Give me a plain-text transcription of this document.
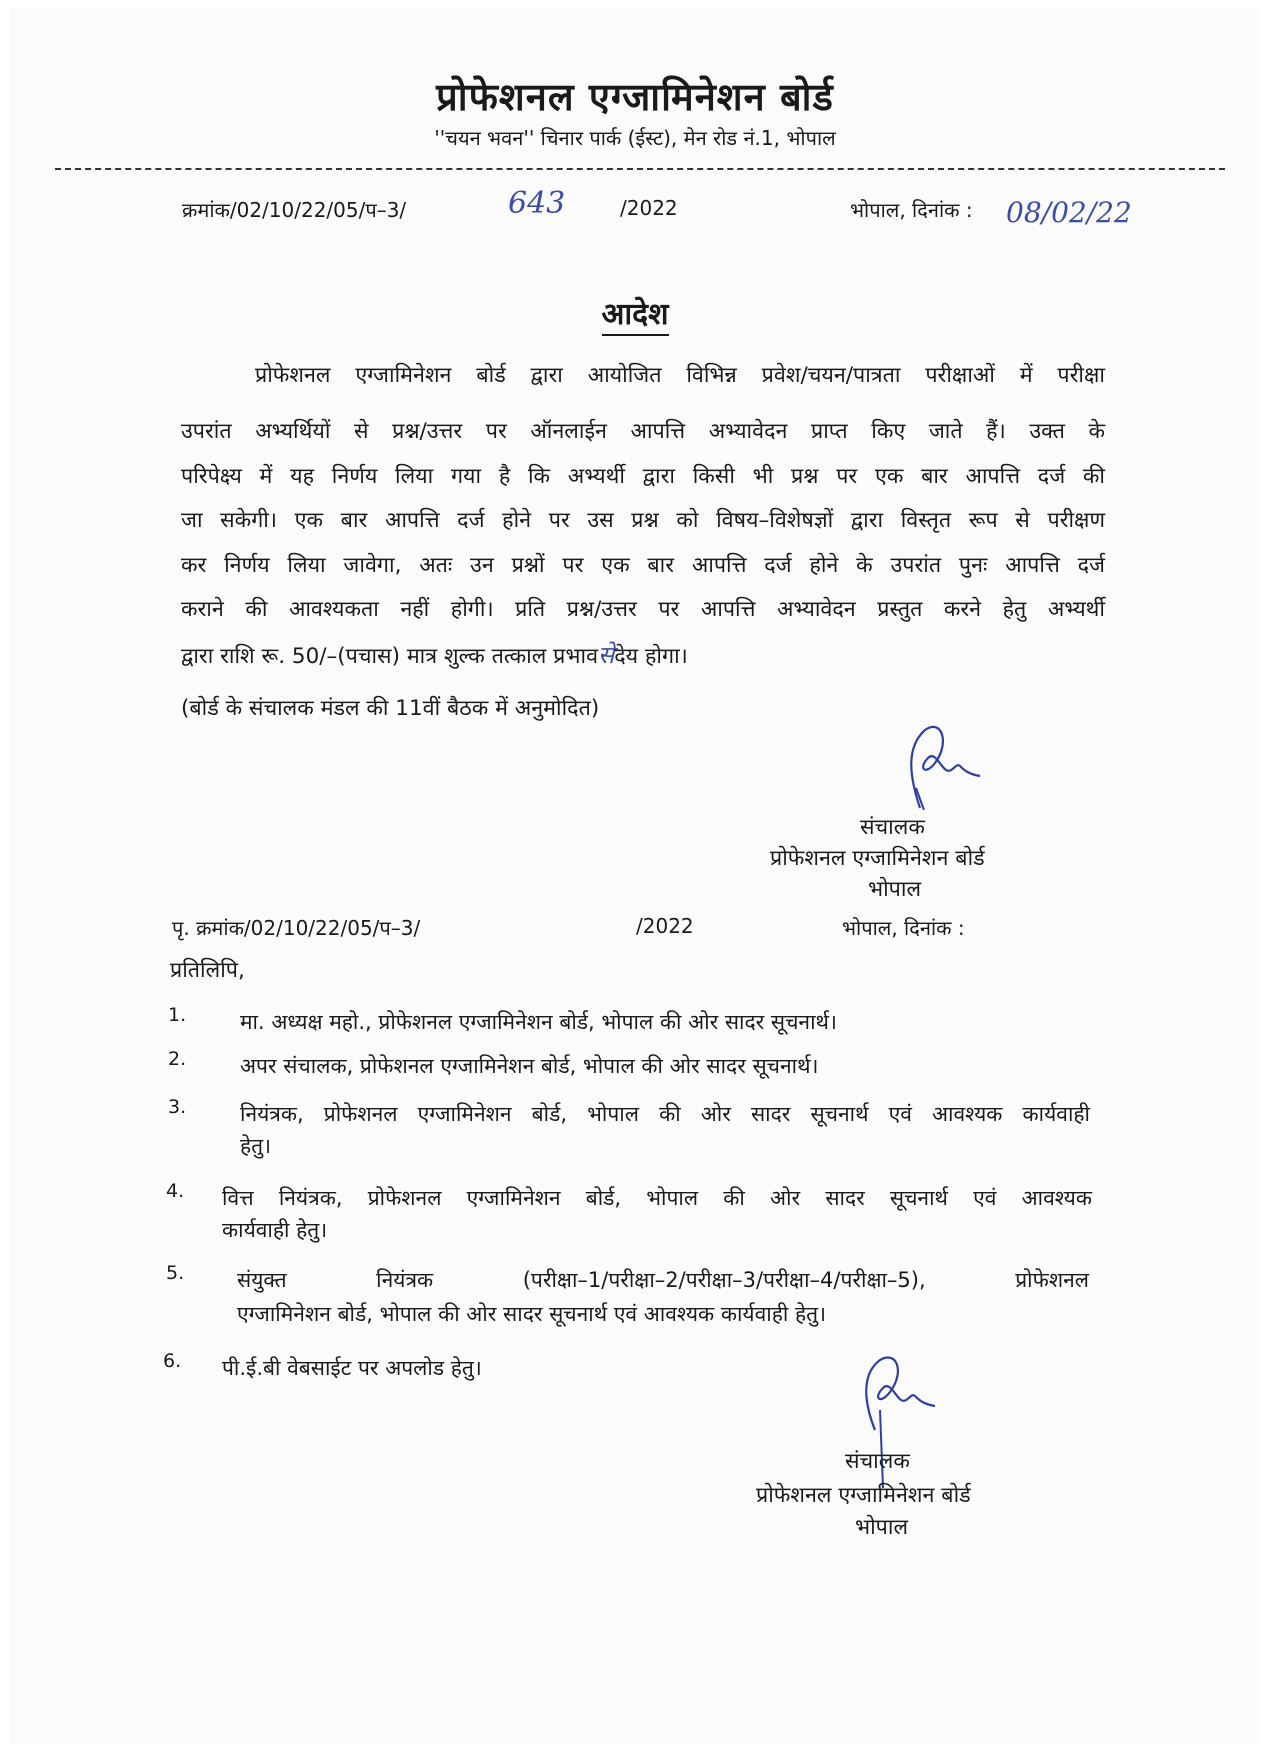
प्रोफेशनल एग्जामिनेशन बोर्ड
''चयन भवन'' चिनार पार्क (ईस्ट), मेन रोड नं.1, भोपाल
क्रमांक/02/10/22/05/प–3/	643	/2022	भोपाल, दिनांक : 08/02/22
आदेश
प्रोफेशनल एग्जामिनेशन बोर्ड द्वारा आयोजित विभिन्न प्रवेश/चयन/पात्रता परीक्षाओं में परीक्षा
उपरांत अभ्यर्थियों से प्रश्न/उत्तर पर ऑनलाईन आपत्ति अभ्यावेदन प्राप्त किए जाते हैं। उक्त के
परिपेक्ष्य में यह निर्णय लिया गया है कि अभ्यर्थी द्वारा किसी भी प्रश्न पर एक बार आपत्ति दर्ज की
जा सकेगी। एक बार आपत्ति दर्ज होने पर उस प्रश्न को विषय–विशेषज्ञों द्वारा विस्तृत रूप से परीक्षण
कर निर्णय लिया जावेगा, अतः उन प्रश्नों पर एक बार आपत्ति दर्ज होने के उपरांत पुनः आपत्ति दर्ज
कराने की आवश्यकता नहीं होगी। प्रति प्रश्न/उत्तर पर आपत्ति अभ्यावेदन प्रस्तुत करने हेतु अभ्यर्थी
द्वारा राशि रू. 50/–(पचास) मात्र शुल्क तत्काल प्रभावसेदेय होगा।
(बोर्ड के संचालक मंडल की 11वीं बैठक में अनुमोदित)
संचालक
प्रोफेशनल एग्जामिनेशन बोर्ड
भोपाल
पृ. क्रमांक/02/10/22/05/प–3/	/2022	भोपाल, दिनांक :
प्रतिलिपि,
1.	मा. अध्यक्ष महो., प्रोफेशनल एग्जामिनेशन बोर्ड, भोपाल की ओर सादर सूचनार्थ।
2.	अपर संचालक, प्रोफेशनल एग्जामिनेशन बोर्ड, भोपाल की ओर सादर सूचनार्थ।
3.	नियंत्रक, प्रोफेशनल एग्जामिनेशन बोर्ड, भोपाल की ओर सादर सूचनार्थ एवं आवश्यक कार्यवाही
हेतु।
4. वित्त नियंत्रक, प्रोफेशनल एग्जामिनेशन बोर्ड, भोपाल की ओर सादर सूचनार्थ एवं आवश्यक
कार्यवाही हेतु।
5.	संयुक्त नियंत्रक (परीक्षा–1/परीक्षा–2/परीक्षा–3/परीक्षा–4/परीक्षा–5), प्रोफेशनल
एग्जामिनेशन बोर्ड, भोपाल की ओर सादर सूचनार्थ एवं आवश्यक कार्यवाही हेतु।
6. पी.ई.बी वेबसाईट पर अपलोड हेतु।
संचालक
प्रोफेशनल एग्जामिनेशन बोर्ड
भोपाल
